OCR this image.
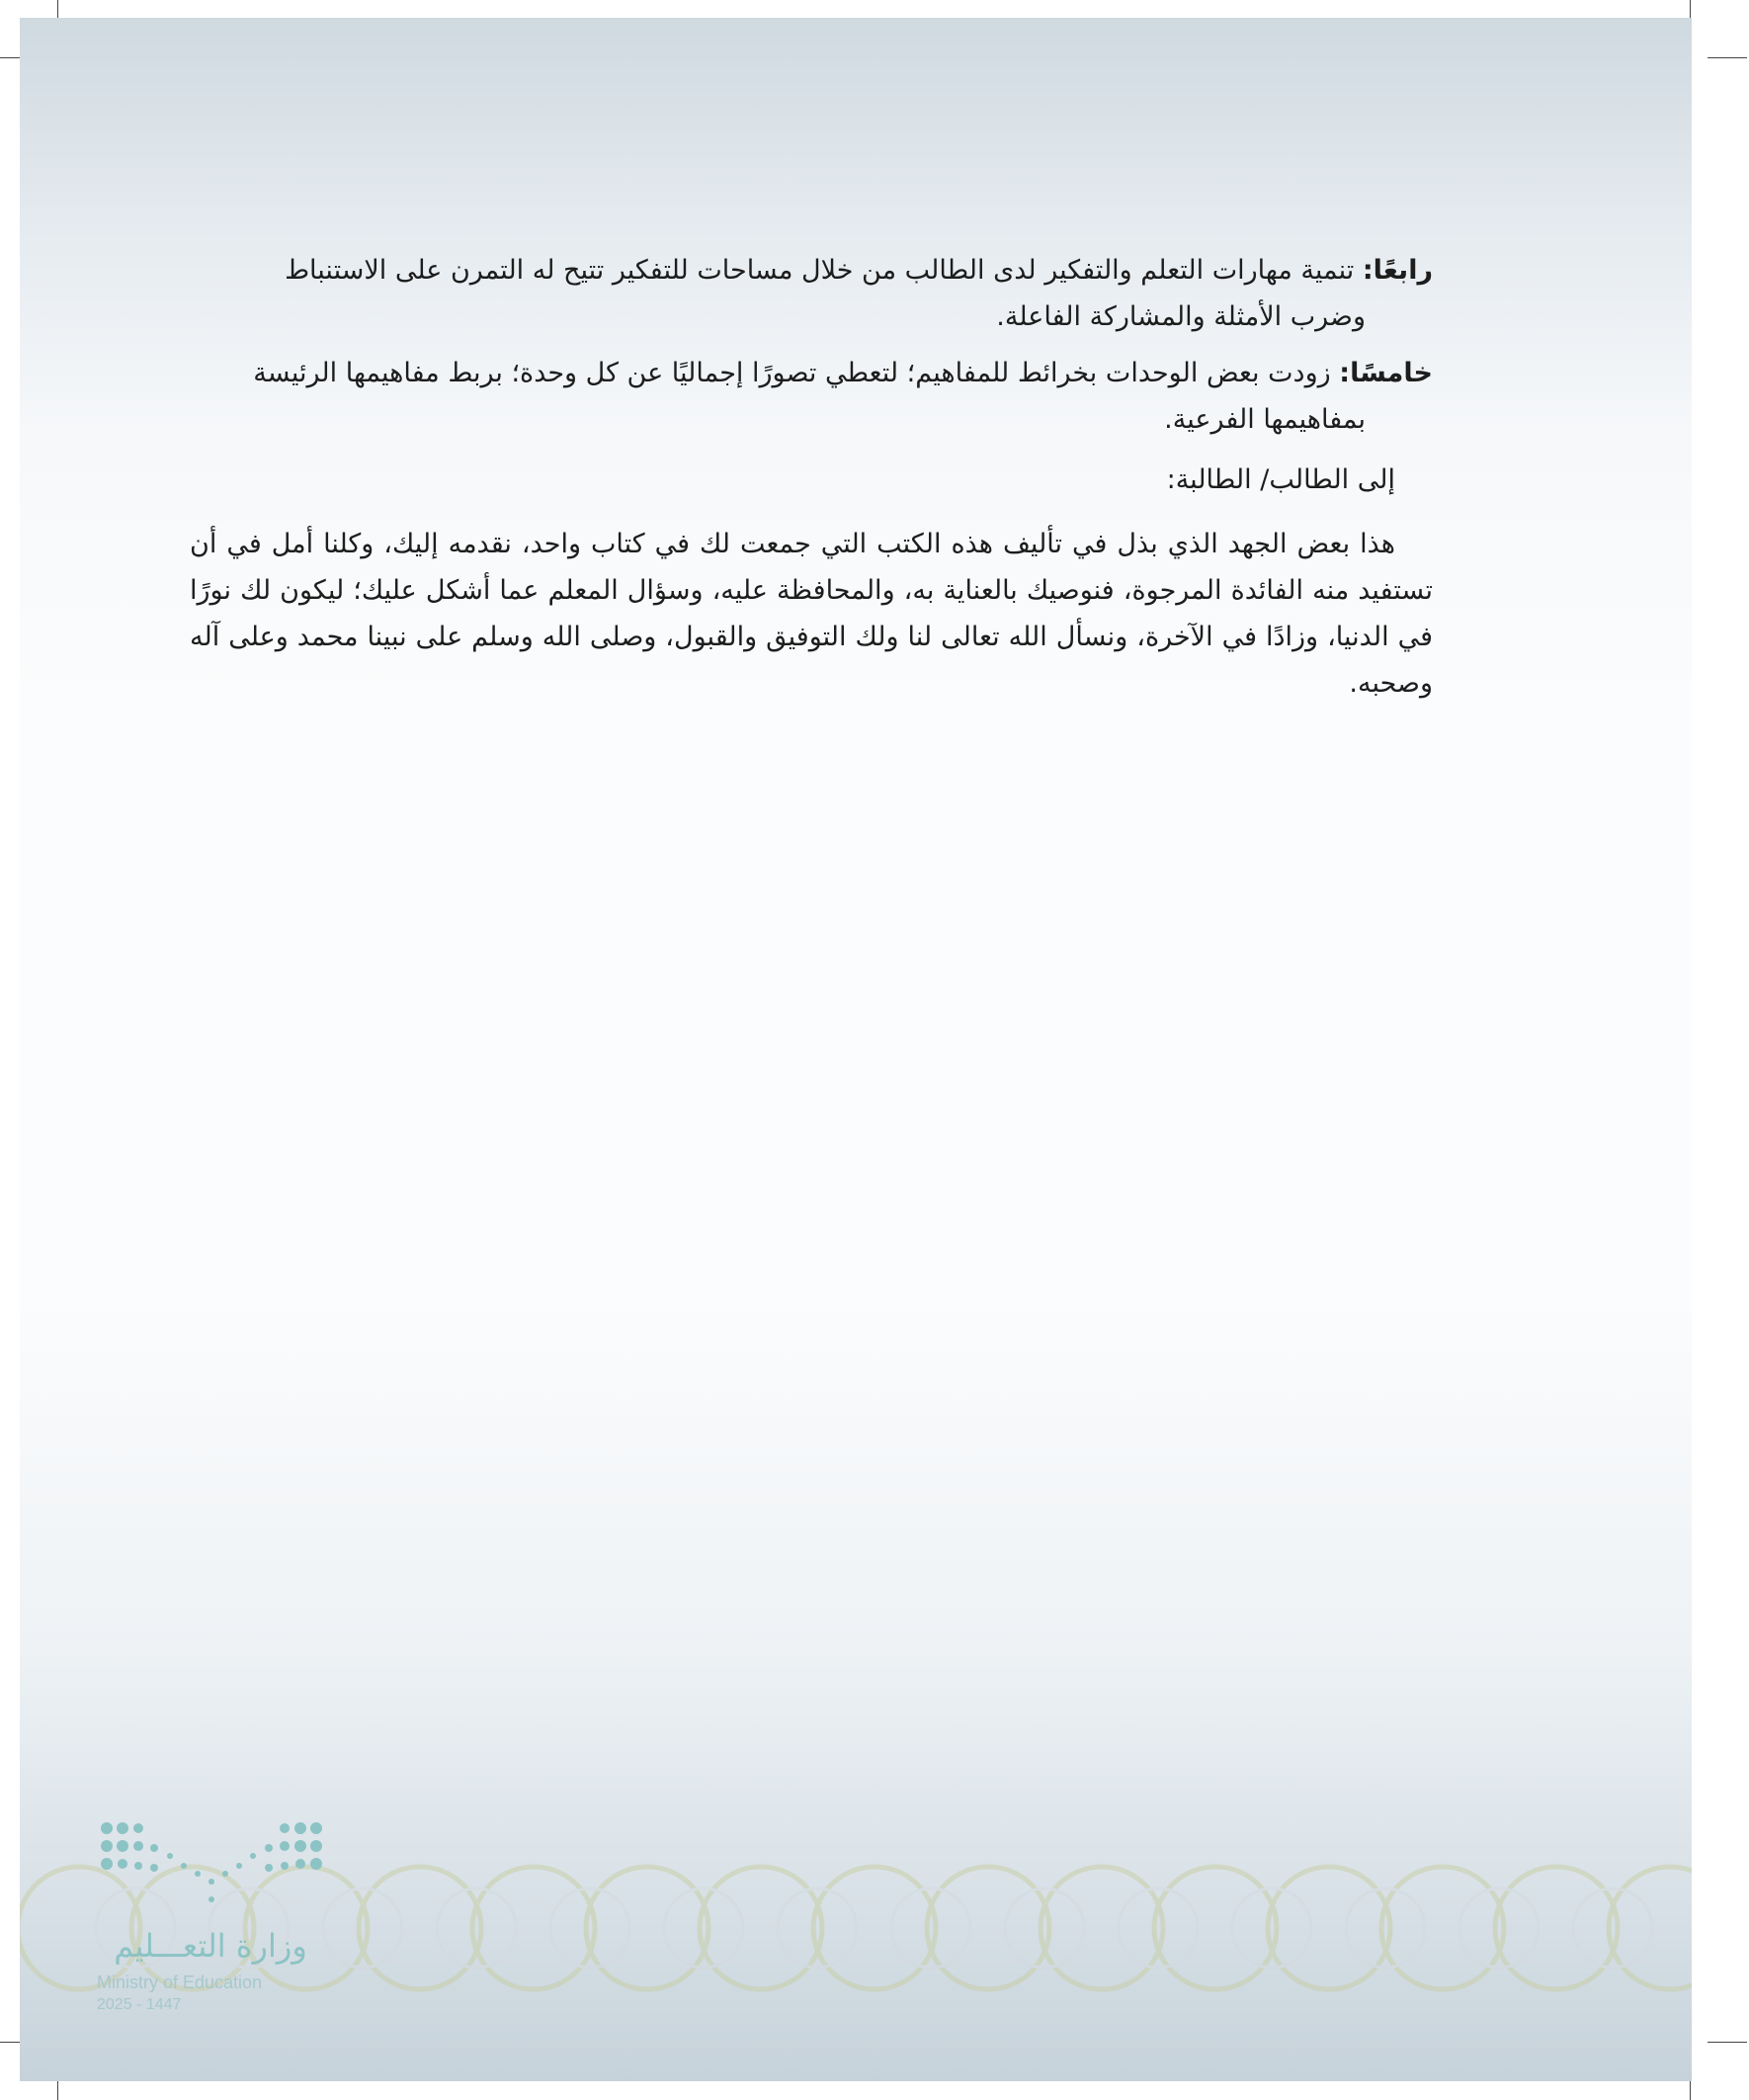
رابعًا: تنمية مهارات التعلم والتفكير لدى الطالب من خلال مساحات للتفكير تتيح له التمرن على الاستنباط
وضرب الأمثلة والمشاركة الفاعلة.

خامسًا: زودت بعض الوحدات بخرائط للمفاهيم؛ لتعطي تصورًا إجماليًا عن كل وحدة؛ بربط مفاهيمها الرئيسة
بمفاهيمها الفرعية.

إلى الطالب/ الطالبة:

هذا بعض الجهد الذي بذل في تأليف هذه الكتب التي جمعت لك في كتاب واحد، نقدمه إليك، وكلنا أمل في أن تستفيد منه الفائدة المرجوة، فنوصيك بالعناية به، والمحافظة عليه، وسؤال المعلم عما أشكل عليك؛ ليكون لك نورًا في الدنيا، وزادًا في الآخرة، ونسأل الله تعالى لنا ولك التوفيق والقبول، وصلى الله وسلم على نبينا محمد وعلى آله وصحبه.

وزارة التعـــليم
Ministry of Education
2025 - 1447
